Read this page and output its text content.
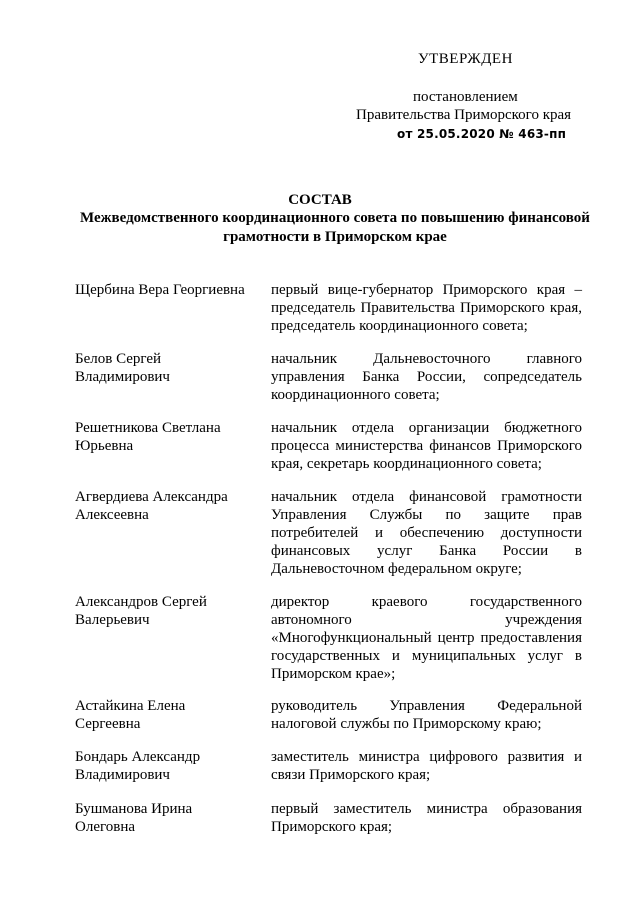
УТВЕРЖДЕН
постановлением
Правительства Приморского края
от 25.05.2020 № 463-пп
СОСТАВ
Межведомственного координационного совета по повышению финансовой грамотности в Приморском крае
Щербина Вера Георгиевна	первый вице-губернатор Приморского края – председатель Правительства Приморского края, председатель координационного совета;
Белов Сергей
Владимирович
начальник Дальневосточного главного управления Банка России, сопредседатель координационного совета;
Решетникова Светлана
Юрьевна
начальник отдела организации бюджетного процесса министерства финансов Приморского края, секретарь координационного совета;
Агвердиева Александра
Алексеевна
начальник отдела финансовой грамотности Управления Службы по защите прав потребителей и обеспечению доступности финансовых услуг Банка России в Дальневосточном федеральном округе;
Александров Сергей
Валерьевич
директор краевого государственного автономного учреждения «Многофункциональный центр предоставления государственных и муниципальных услуг в Приморском крае»;
Астайкина Елена
Сергеевна
руководитель Управления Федеральной налоговой службы по Приморскому краю;
Бондарь Александр
Владимирович
заместитель министра цифрового развития и связи Приморского края;
Бушманова Ирина
Олеговна
первый заместитель министра образования Приморского края;
